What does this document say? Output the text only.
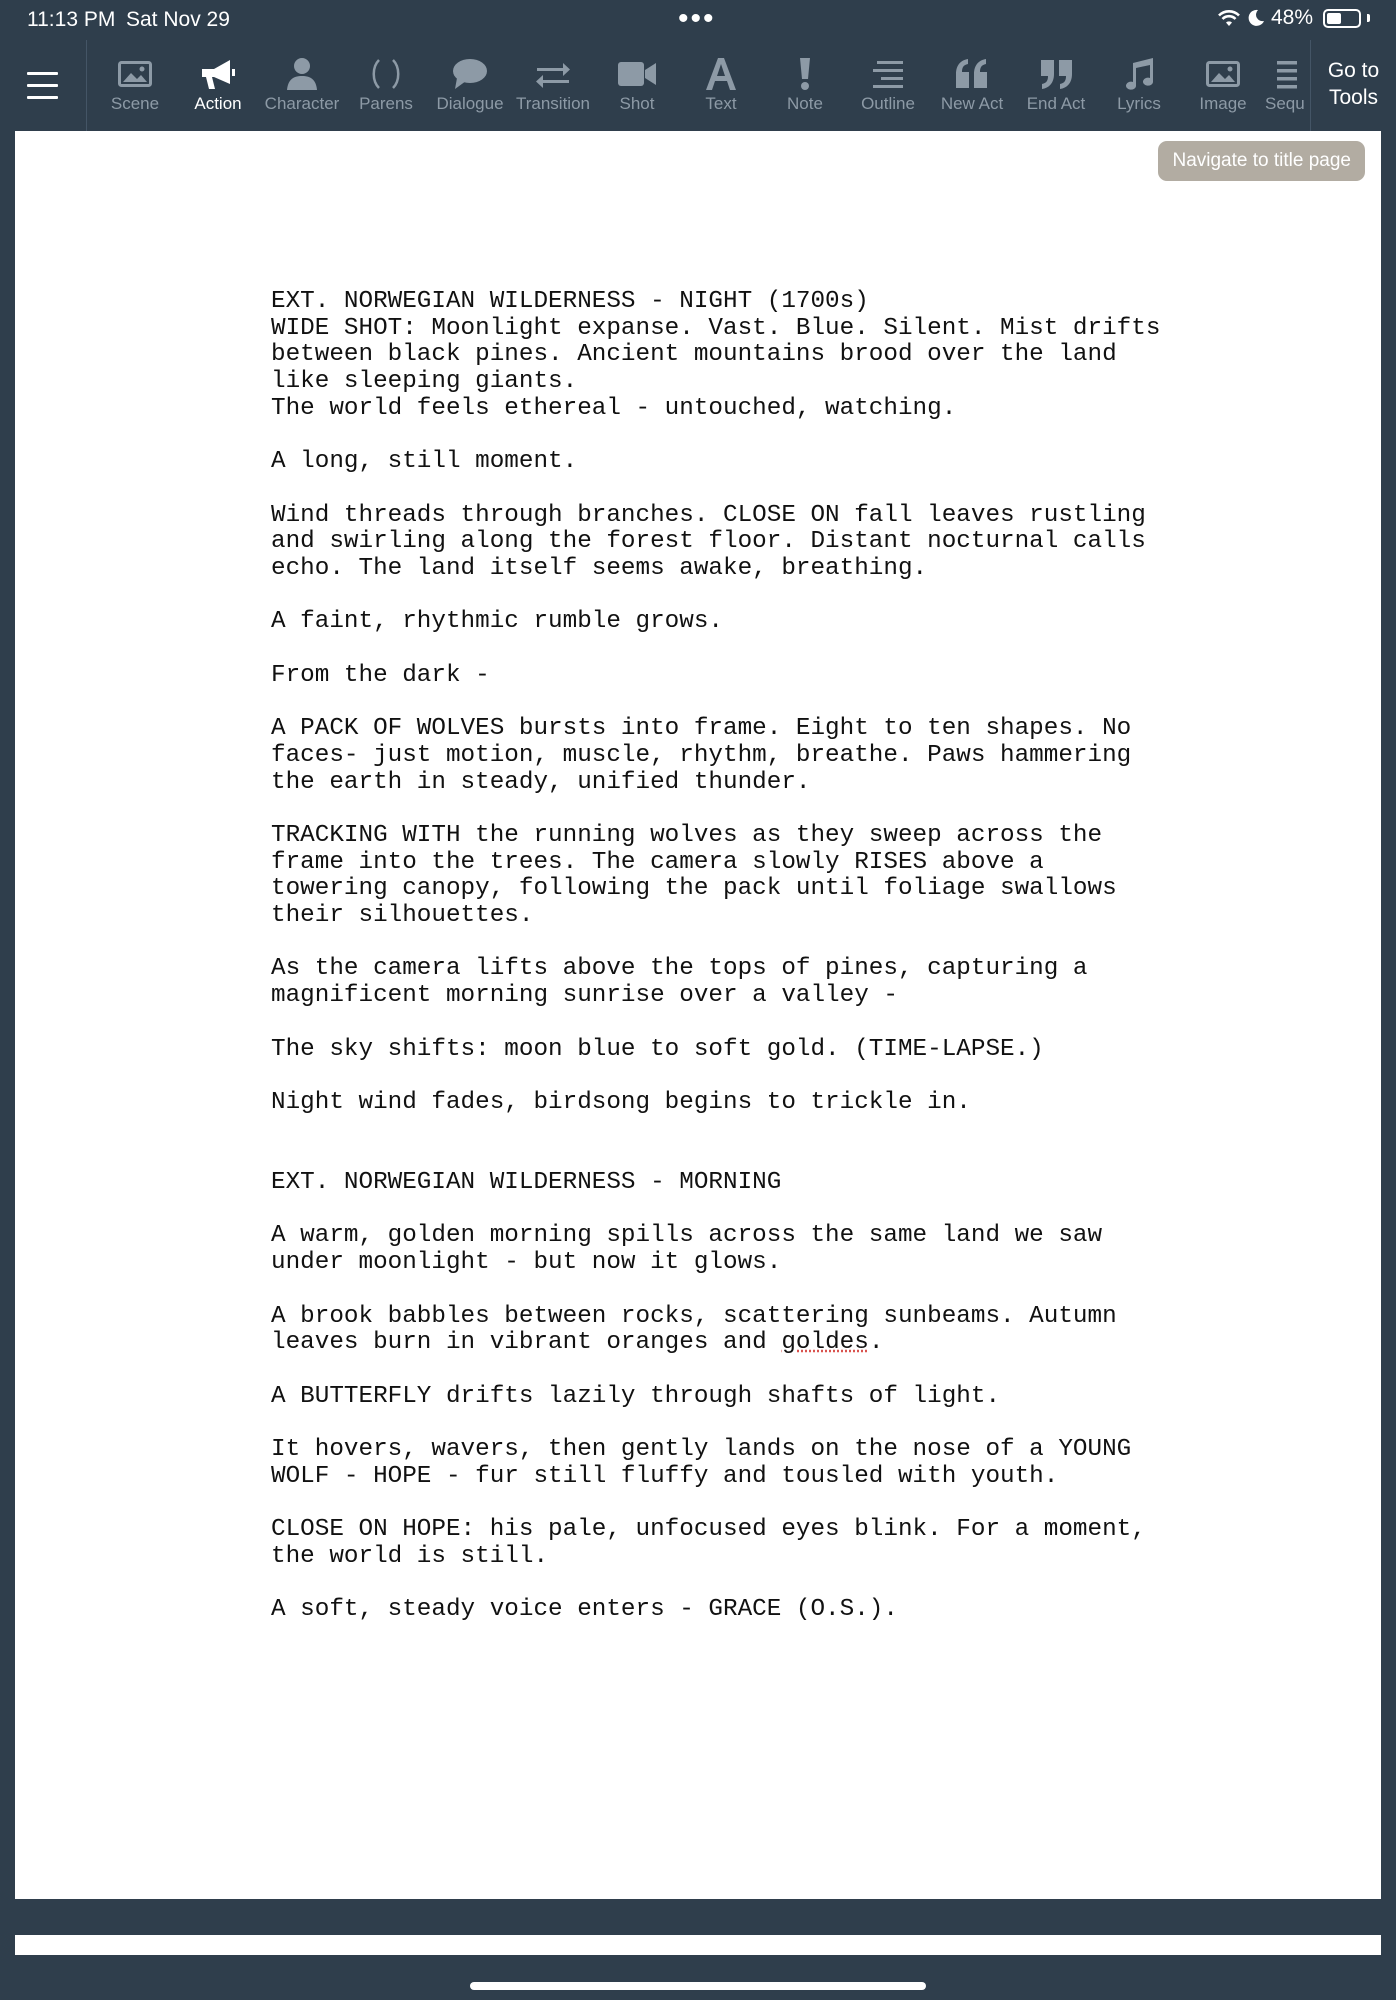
11:13 PM Sat Nov 29	•••	48%
Scene	Action	Character	Parens	Dialogue Transition	Shot	Text	Note	Outline	New Act	End Act	Lyrics	Image	Sequ
Go to
Tools
Navigate to title page
EXT. NORWEGIAN WILDERNESS - NIGHT (1700s)
WIDE SHOT: Moonlight expanse. Vast. Blue. Silent. Mist drifts
between black pines. Ancient mountains brood over the land
like sleeping giants.
The world feels ethereal - untouched, watching.
A long, still moment.
Wind threads through branches. CLOSE ON fall leaves rustling
and swirling along the forest floor. Distant nocturnal calls
echo. The land itself seems awake, breathing.
A faint, rhythmic rumble grows.
From the dark -
A PACK OF WOLVES bursts into frame. Eight to ten shapes. No
faces- just motion, muscle, rhythm, breathe. Paws hammering
the earth in steady, unified thunder.
TRACKING WITH the running wolves as they sweep across the
frame into the trees. The camera slowly RISES above a
towering canopy, following the pack until foliage swallows
their silhouettes.
As the camera lifts above the tops of pines, capturing a
magnificent morning sunrise over a valley -
The sky shifts: moon blue to soft gold. (TIME-LAPSE.)
Night wind fades, birdsong begins to trickle in.
EXT. NORWEGIAN WILDERNESS - MORNING
A warm, golden morning spills across the same land we saw
under moonlight - but now it glows.
A brook babbles between rocks, scattering sunbeams. Autumn
leaves burn in vibrant oranges and goldes.
A BUTTERFLY drifts lazily through shafts of light.
It hovers, wavers, then gently lands on the nose of a YOUNG
WOLF - HOPE - fur still fluffy and tousled with youth.
CLOSE ON HOPE: his pale, unfocused eyes blink. For a moment,
the world is still.
A soft, steady voice enters - GRACE (O.S.).
